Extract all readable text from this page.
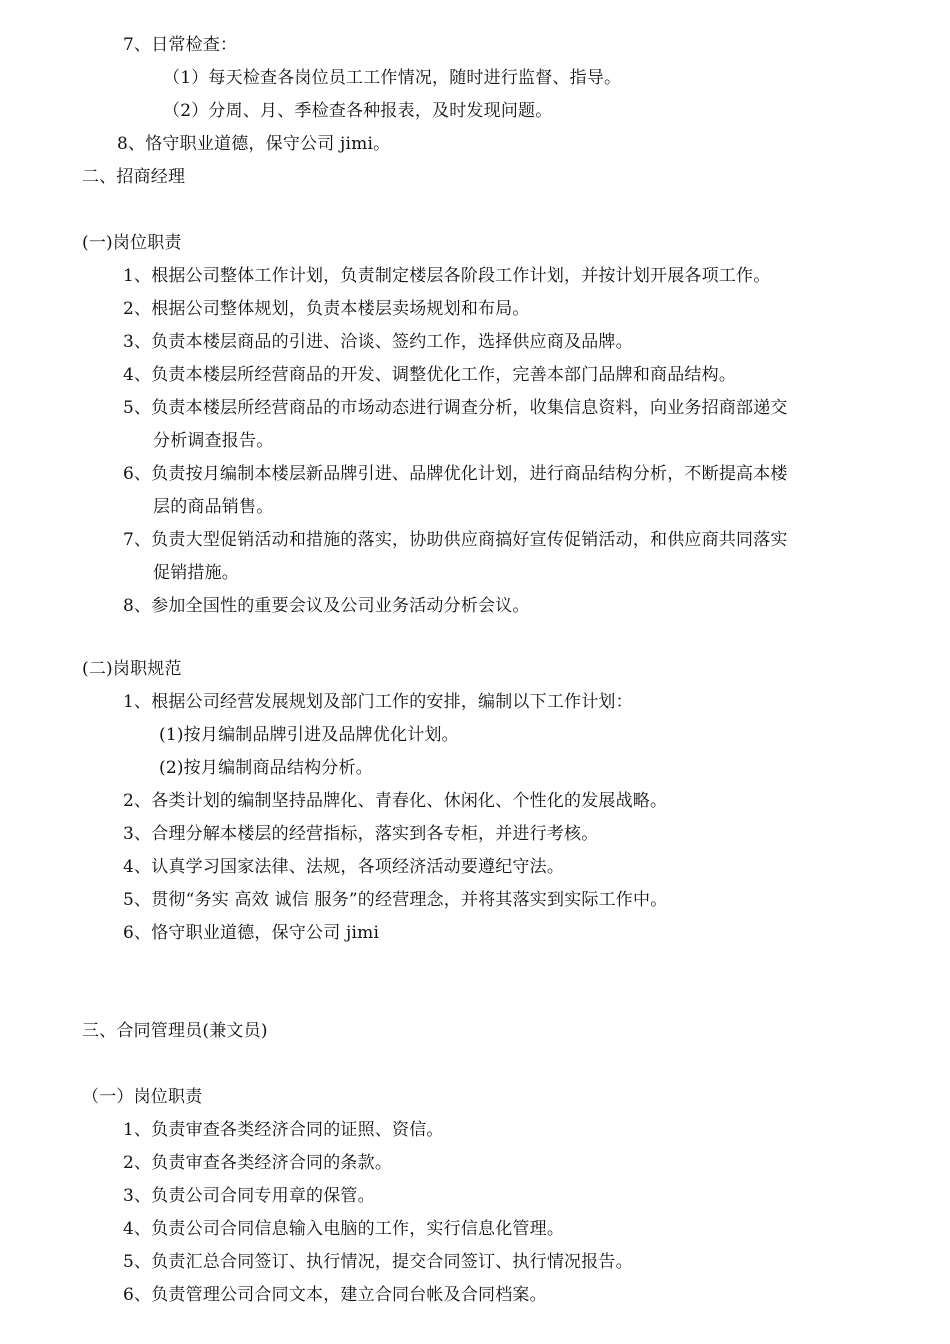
7、日常检查：
（1）每天检查各岗位员工工作情况，随时进行监督、指导。
（2）分周、月、季检查各种报表，及时发现问题。
8、恪守职业道德，保守公司 jimi。
二、招商经理
(一)岗位职责
1、根据公司整体工作计划，负责制定楼层各阶段工作计划，并按计划开展各项工作。
2、根据公司整体规划，负责本楼层卖场规划和布局。
3、负责本楼层商品的引进、洽谈、签约工作，选择供应商及品牌。
4、负责本楼层所经营商品的开发、调整优化工作，完善本部门品牌和商品结构。
5、负责本楼层所经营商品的市场动态进行调查分析，收集信息资料，向业务招商部递交
分析调查报告。
6、负责按月编制本楼层新品牌引进、品牌优化计划，进行商品结构分析，不断提高本楼
层的商品销售。
7、负责大型促销活动和措施的落实，协助供应商搞好宣传促销活动，和供应商共同落实
促销措施。
8、参加全国性的重要会议及公司业务活动分析会议。
(二)岗职规范
1、根据公司经营发展规划及部门工作的安排，编制以下工作计划：
(1)按月编制品牌引进及品牌优化计划。
(2)按月编制商品结构分析。
2、各类计划的编制坚持品牌化、青春化、休闲化、个性化的发展战略。
3、合理分解本楼层的经营指标，落实到各专柜，并进行考核。
4、认真学习国家法律、法规，各项经济活动要遵纪守法。
5、贯彻“务实 高效 诚信 服务”的经营理念，并将其落实到实际工作中。
6、恪守职业道德，保守公司 jimi
三、合同管理员(兼文员)
（一）岗位职责
1、负责审查各类经济合同的证照、资信。
2、负责审查各类经济合同的条款。
3、负责公司合同专用章的保管。
4、负责公司合同信息输入电脑的工作，实行信息化管理。
5、负责汇总合同签订、执行情况，提交合同签订、执行情况报告。
6、负责管理公司合同文本，建立合同台帐及合同档案。
